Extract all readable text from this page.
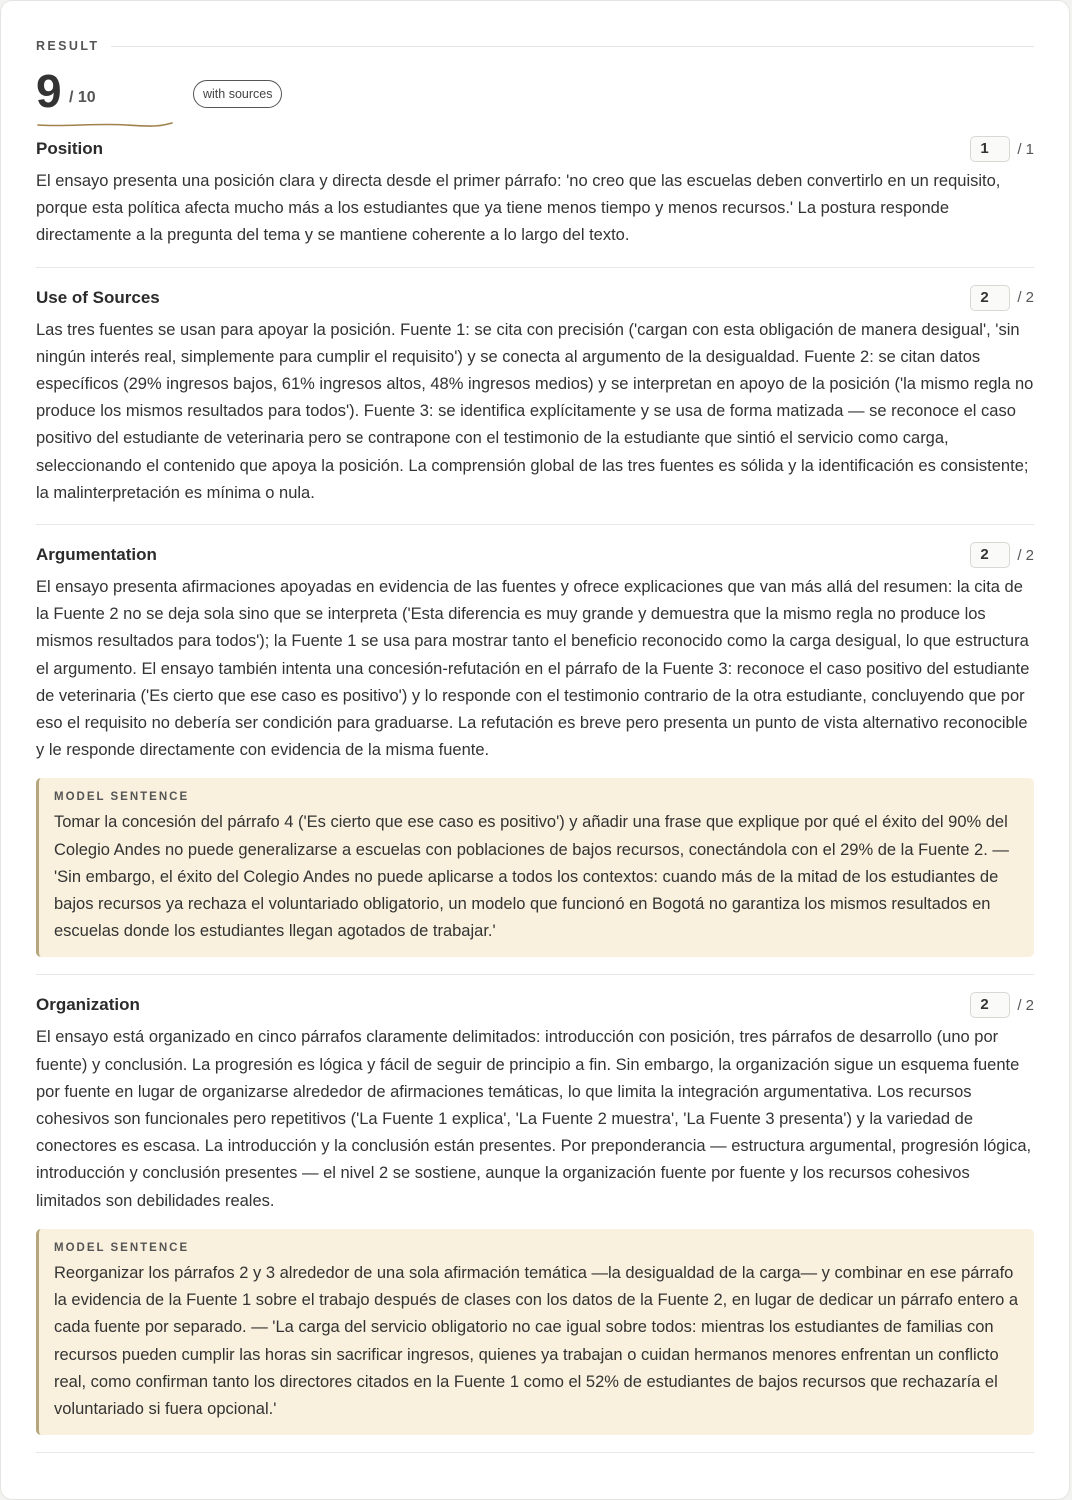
RESULT
9 / 10	with sources
Position	1	/ 1
El ensayo presenta una posición clara y directa desde el primer párrafo: 'no creo que las escuelas deben convertirlo en un requisito, porque esta política afecta mucho más a los estudiantes que ya tiene menos tiempo y menos recursos.' La postura responde directamente a la pregunta del tema y se mantiene coherente a lo largo del texto.
Use of Sources	2	/ 2
Las tres fuentes se usan para apoyar la posición. Fuente 1: se cita con precisión ('cargan con esta obligación de manera desigual', 'sin ningún interés real, simplemente para cumplir el requisito') y se conecta al argumento de la desigualdad. Fuente 2: se citan datos específicos (29% ingresos bajos, 61% ingresos altos, 48% ingresos medios) y se interpretan en apoyo de la posición ('la mismo regla no produce los mismos resultados para todos'). Fuente 3: se identifica explícitamente y se usa de forma matizada — se reconoce el caso positivo del estudiante de veterinaria pero se contrapone con el testimonio de la estudiante que sintió el servicio como carga, seleccionando el contenido que apoya la posición. La comprensión global de las tres fuentes es sólida y la identificación es consistente; la malinterpretación es mínima o nula.
Argumentation	2	/ 2
El ensayo presenta afirmaciones apoyadas en evidencia de las fuentes y ofrece explicaciones que van más allá del resumen: la cita de la Fuente 2 no se deja sola sino que se interpreta ('Esta diferencia es muy grande y demuestra que la mismo regla no produce los mismos resultados para todos'); la Fuente 1 se usa para mostrar tanto el beneficio reconocido como la carga desigual, lo que estructura el argumento. El ensayo también intenta una concesión-refutación en el párrafo de la Fuente 3: reconoce el caso positivo del estudiante de veterinaria ('Es cierto que ese caso es positivo') y lo responde con el testimonio contrario de la otra estudiante, concluyendo que por eso el requisito no debería ser condición para graduarse. La refutación es breve pero presenta un punto de vista alternativo reconocible y le responde directamente con evidencia de la misma fuente.
MODEL SENTENCE
Tomar la concesión del párrafo 4 ('Es cierto que ese caso es positivo') y añadir una frase que explique por qué el éxito del 90% del Colegio Andes no puede generalizarse a escuelas con poblaciones de bajos recursos, conectándola con el 29% de la Fuente 2. — 'Sin embargo, el éxito del Colegio Andes no puede aplicarse a todos los contextos: cuando más de la mitad de los estudiantes de bajos recursos ya rechaza el voluntariado obligatorio, un modelo que funcionó en Bogotá no garantiza los mismos resultados en escuelas donde los estudiantes llegan agotados de trabajar.'
Organization	2	/ 2
El ensayo está organizado en cinco párrafos claramente delimitados: introducción con posición, tres párrafos de desarrollo (uno por fuente) y conclusión. La progresión es lógica y fácil de seguir de principio a fin. Sin embargo, la organización sigue un esquema fuente por fuente en lugar de organizarse alrededor de afirmaciones temáticas, lo que limita la integración argumentativa. Los recursos cohesivos son funcionales pero repetitivos ('La Fuente 1 explica', 'La Fuente 2 muestra', 'La Fuente 3 presenta') y la variedad de conectores es escasa. La introducción y la conclusión están presentes. Por preponderancia — estructura argumental, progresión lógica, introducción y conclusión presentes — el nivel 2 se sostiene, aunque la organización fuente por fuente y los recursos cohesivos limitados son debilidades reales.
MODEL SENTENCE
Reorganizar los párrafos 2 y 3 alrededor de una sola afirmación temática —la desigualdad de la carga— y combinar en ese párrafo la evidencia de la Fuente 1 sobre el trabajo después de clases con los datos de la Fuente 2, en lugar de dedicar un párrafo entero a cada fuente por separado. — 'La carga del servicio obligatorio no cae igual sobre todos: mientras los estudiantes de familias con recursos pueden cumplir las horas sin sacrificar ingresos, quienes ya trabajan o cuidan hermanos menores enfrentan un conflicto real, como confirman tanto los directores citados en la Fuente 1 como el 52% de estudiantes de bajos recursos que rechazaría el voluntariado si fuera opcional.'
